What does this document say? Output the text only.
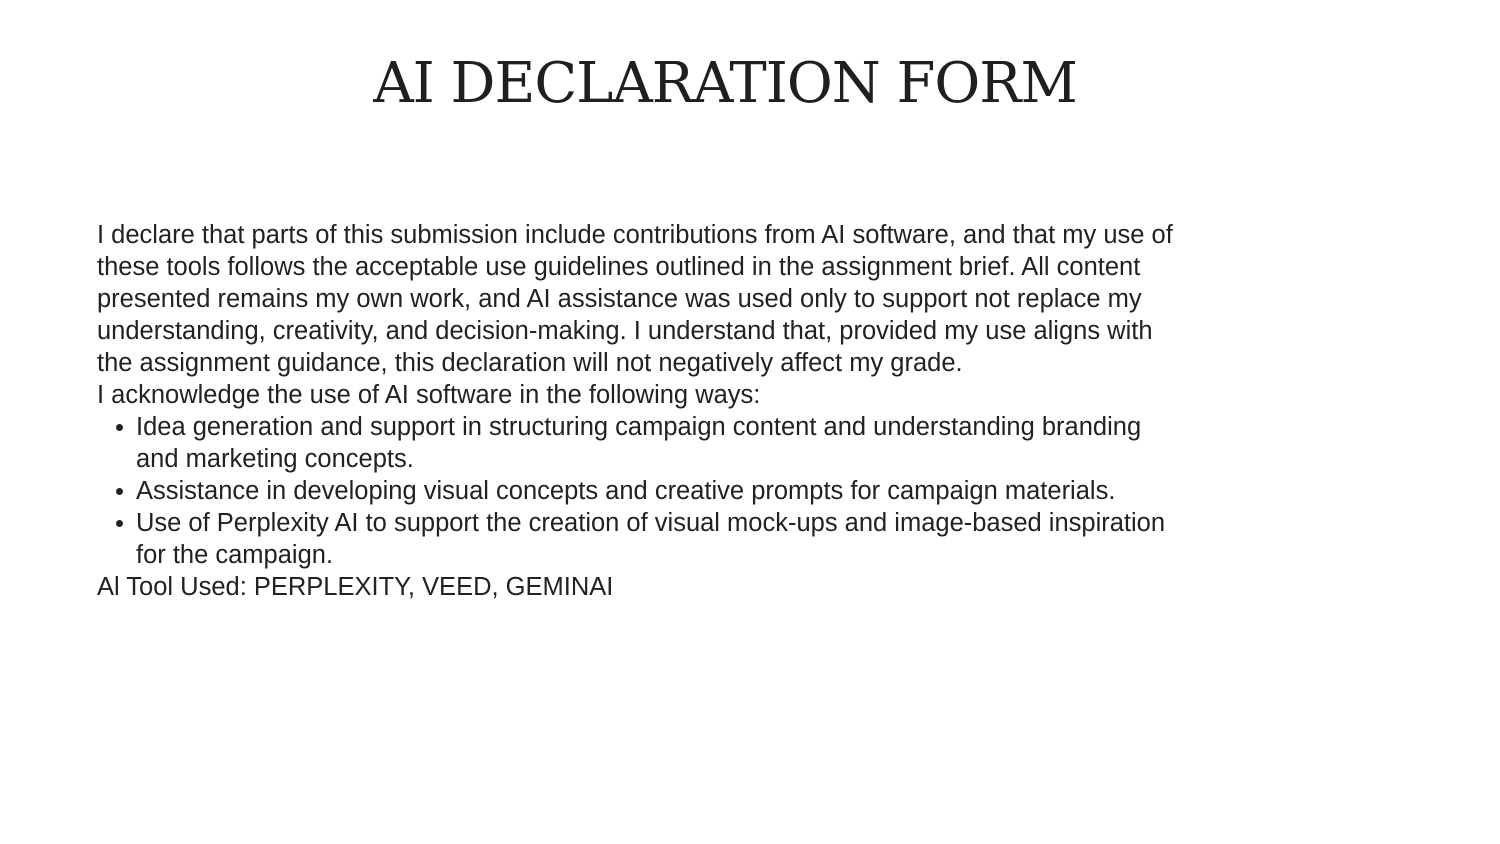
AI DECLARATION FORM

I declare that parts of this submission include contributions from AI software, and that my use of these tools follows the acceptable use guidelines outlined in the assignment brief. All content presented remains my own work, and AI assistance was used only to support not replace my understanding, creativity, and decision-making. I understand that, provided my use aligns with the assignment guidance, this declaration will not negatively affect my grade.

I acknowledge the use of AI software in the following ways:

Idea generation and support in structuring campaign content and understanding branding and marketing concepts.
Assistance in developing visual concepts and creative prompts for campaign materials.
Use of Perplexity AI to support the creation of visual mock-ups and image-based inspiration for the campaign.

Al Tool Used: PERPLEXITY, VEED, GEMINAI
